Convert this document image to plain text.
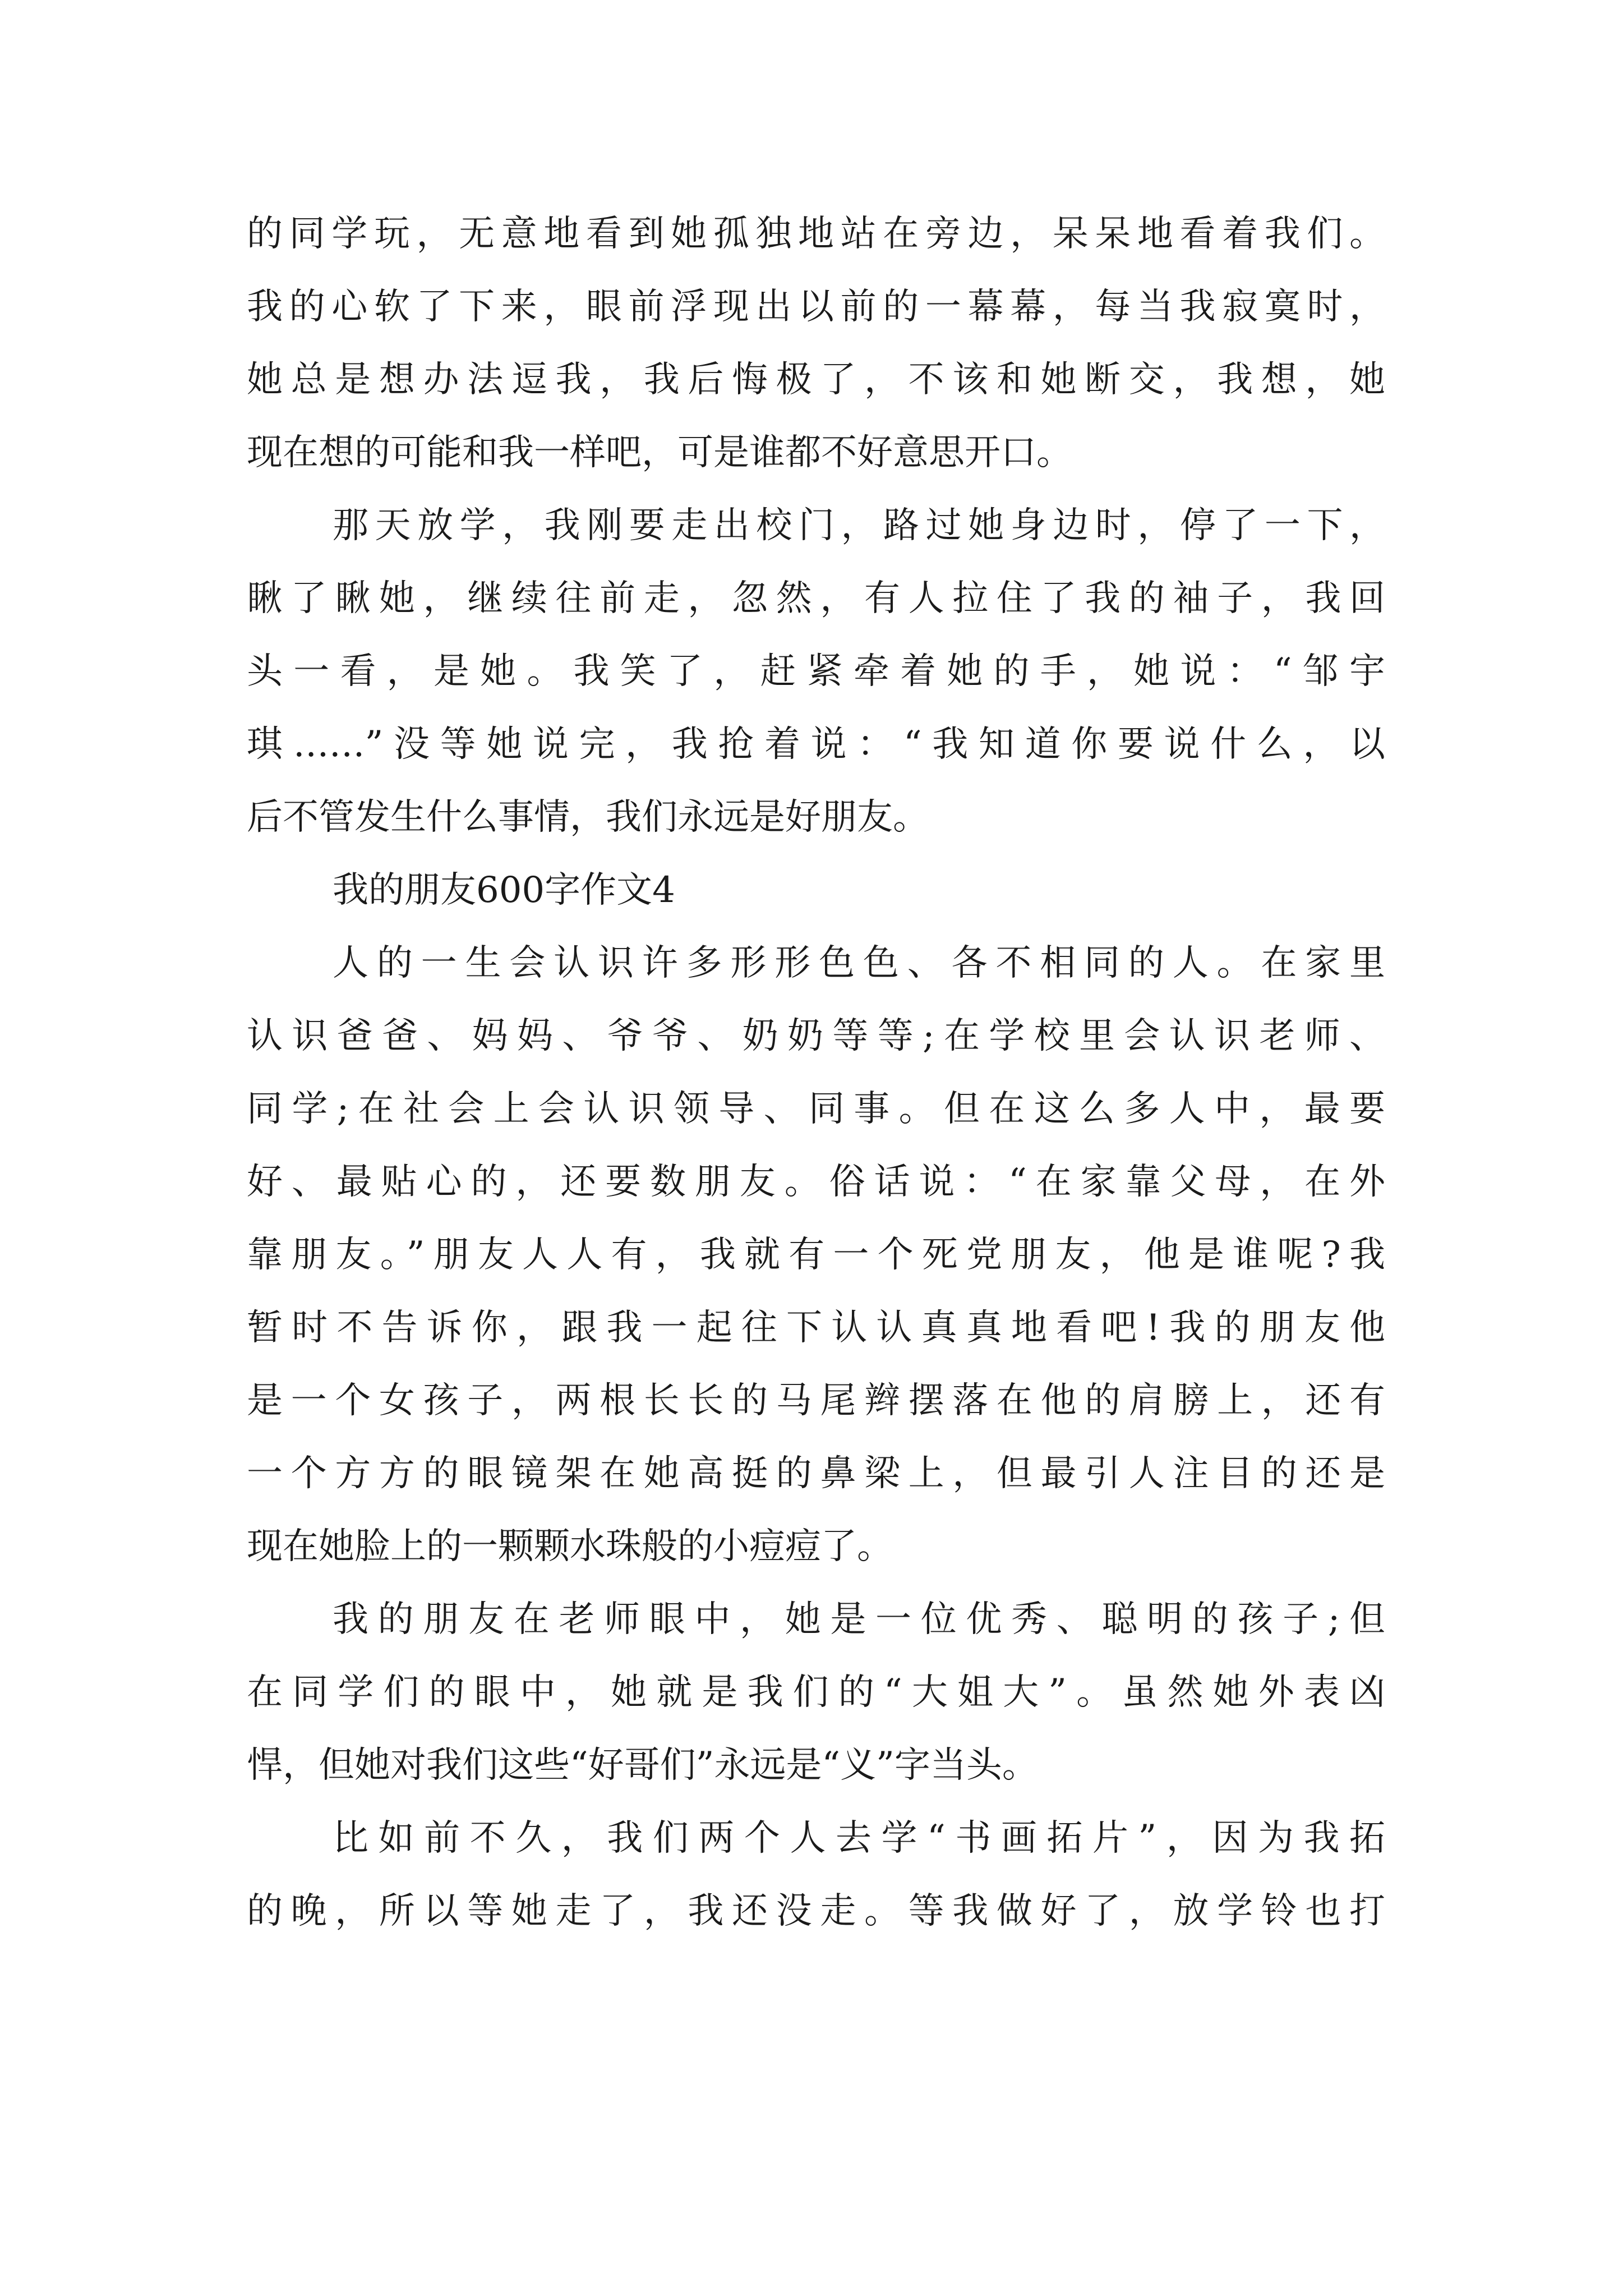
的同学玩，无意地看到她孤独地站在旁边，呆呆地看着我们。
我的心软了下来，眼前浮现出以前的一幕幕，每当我寂寞时，
她总是想办法逗我，我后悔极了，不该和她断交，我想，她
现在想的可能和我一样吧，可是谁都不好意思开口。
那天放学，我刚要走出校门，路过她身边时，停了一下，
瞅了瞅她，继续往前走，忽然，有人拉住了我的袖子，我回
头一看，是她。我笑了，赶紧牵着她的手，她说：“邹宇
琪……”没等她说完，我抢着说：“我知道你要说什么，以
后不管发生什么事情，我们永远是好朋友。
我的朋友600字作文4
人的一生会认识许多形形色色、各不相同的人。在家里
认识爸爸、妈妈、爷爷、奶奶等等;在学校里会认识老师、
同学;在社会上会认识领导、同事。但在这么多人中，最要
好、最贴心的，还要数朋友。俗话说：“在家靠父母，在外
靠朋友。”朋友人人有，我就有一个死党朋友，他是谁呢?我
暂时不告诉你，跟我一起往下认认真真地看吧!我的朋友他
是一个女孩子，两根长长的马尾辫摆落在他的肩膀上，还有
一个方方的眼镜架在她高挺的鼻梁上，但最引人注目的还是
现在她脸上的一颗颗水珠般的小痘痘了。
我的朋友在老师眼中，她是一位优秀、聪明的孩子;但
在同学们的眼中，她就是我们的“大姐大”。虽然她外表凶
悍，但她对我们这些“好哥们”永远是“义”字当头。
比如前不久，我们两个人去学“书画拓片”，因为我拓
的晚，所以等她走了，我还没走。等我做好了，放学铃也打
